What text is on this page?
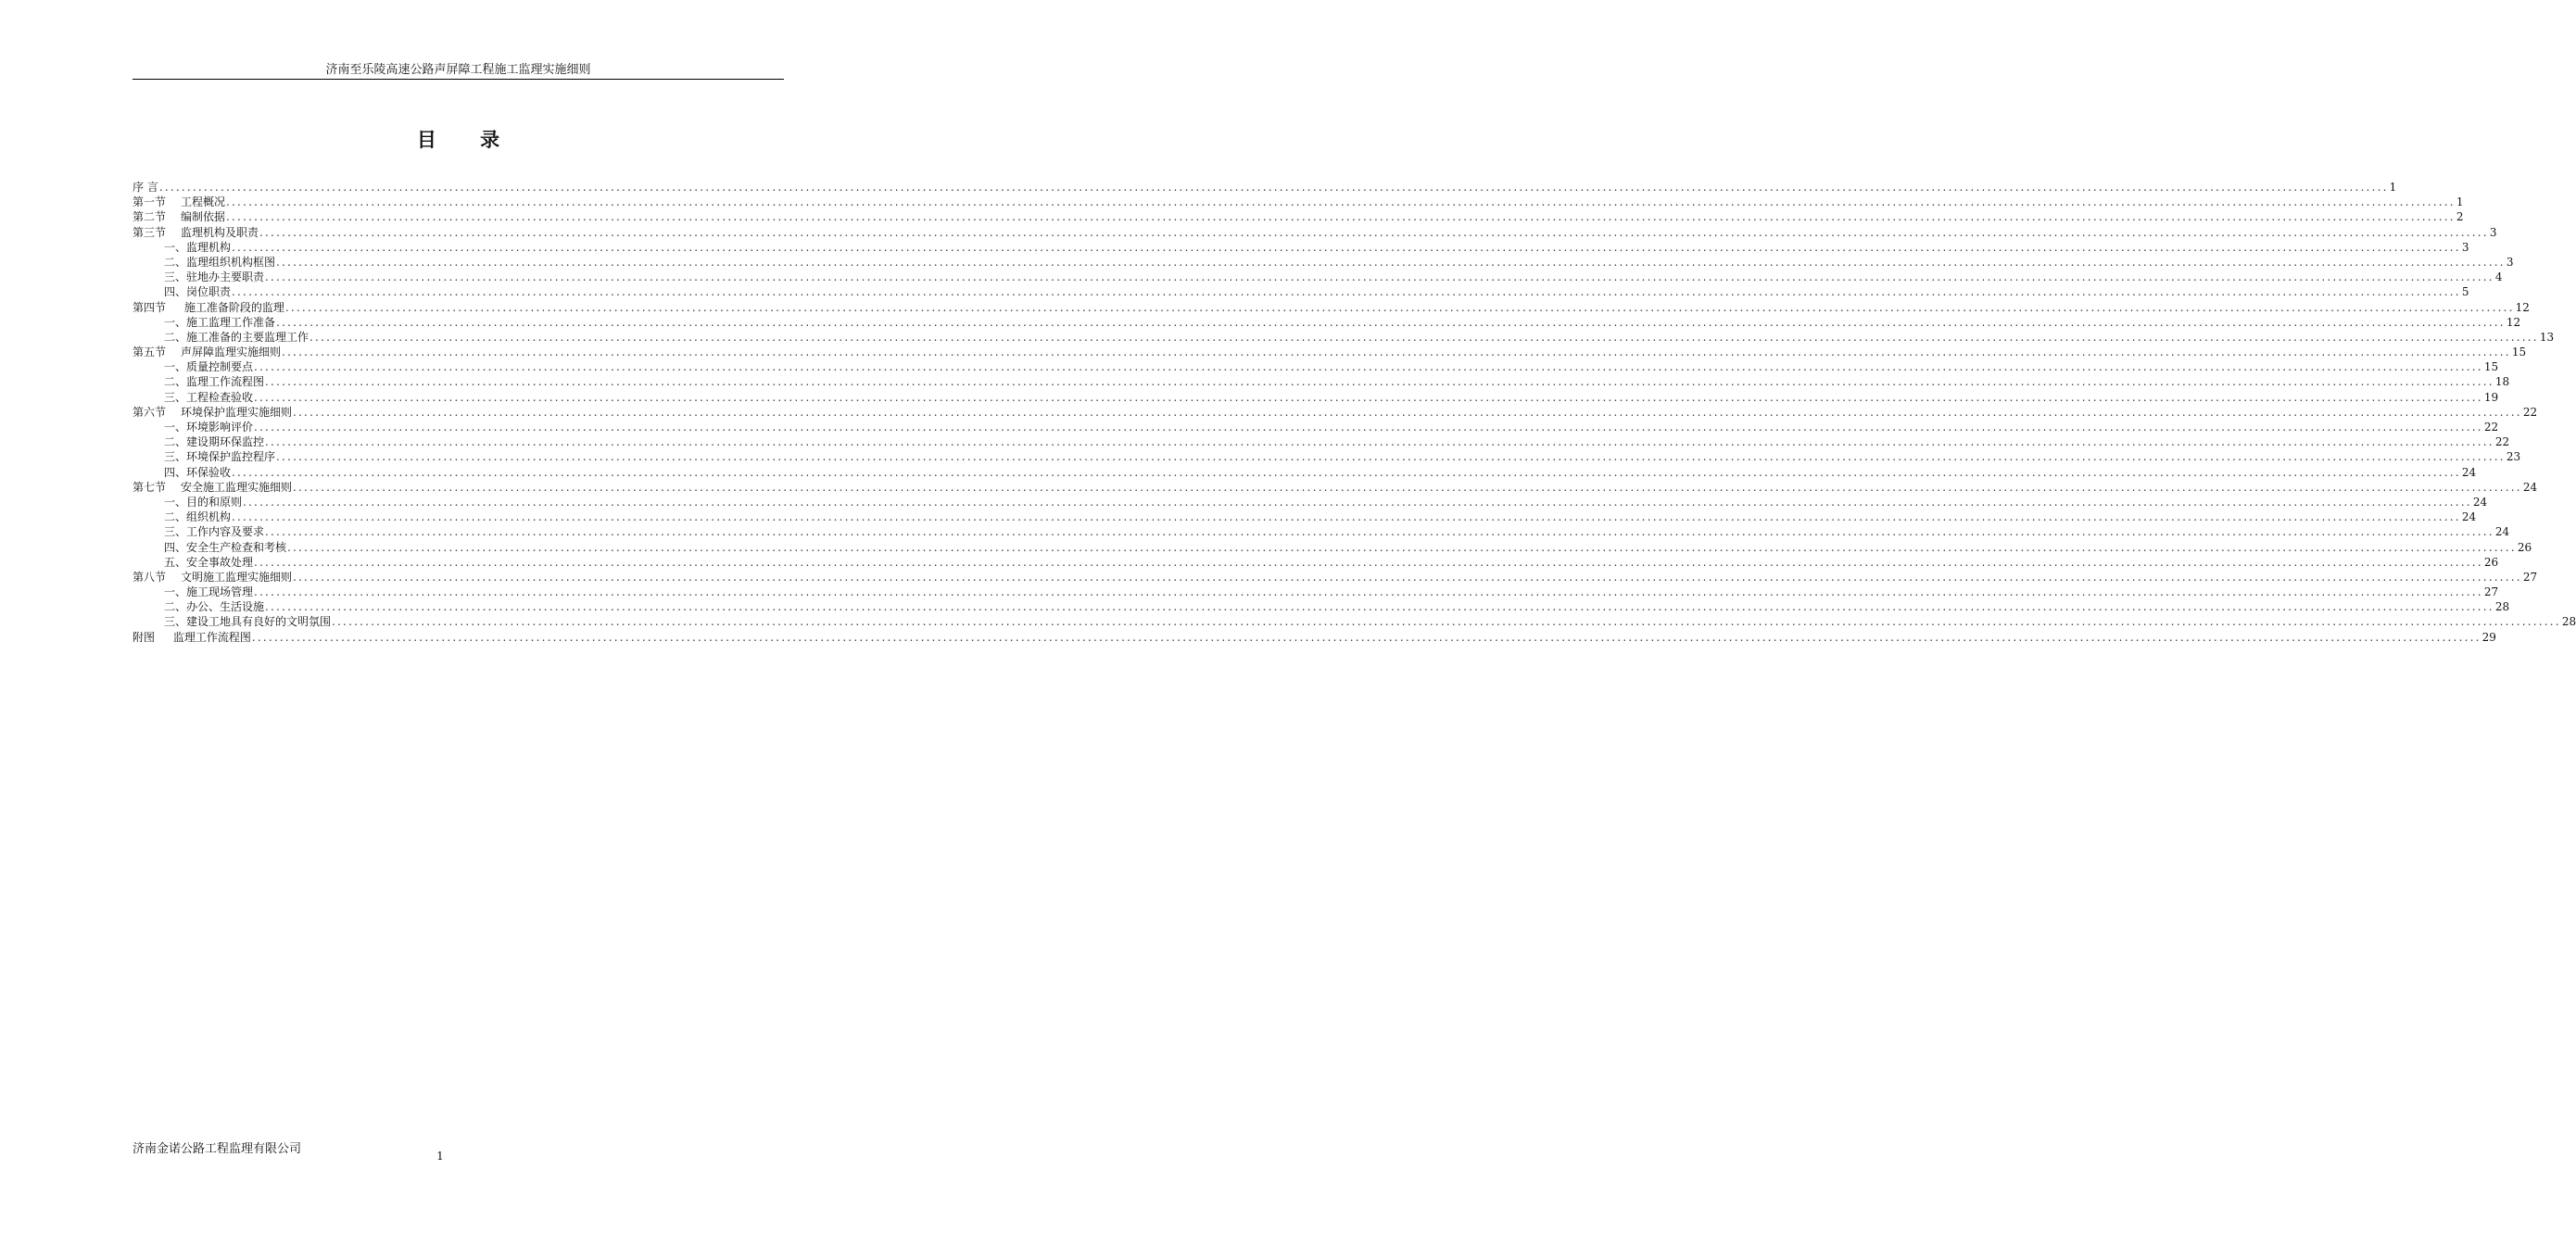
济南至乐陵高速公路声屏障工程施工监理实施细则
目 录
序 言 ................................................................................................................................................................................................................................................................................................................................................................................................................ 1
第一节 工程概况 ................................................................................................................................................................................................................................................................................................................................................................................................................ 1
第二节 编制依据 ................................................................................................................................................................................................................................................................................................................................................................................................................ 2
第三节 监理机构及职责 ................................................................................................................................................................................................................................................................................................................................................................................................................ 3
一、监理机构 ................................................................................................................................................................................................................................................................................................................................................................................................................ 3
二、监理组织机构框图 ................................................................................................................................................................................................................................................................................................................................................................................................................ 3
三、驻地办主要职责 ................................................................................................................................................................................................................................................................................................................................................................................................................ 4
四、岗位职责 ................................................................................................................................................................................................................................................................................................................................................................................................................ 5
第四节 施工准备阶段的监理 ................................................................................................................................................................................................................................................................................................................................................................................................................ 12
一、施工监理工作准备 ................................................................................................................................................................................................................................................................................................................................................................................................................ 12
二、施工准备的主要监理工作 ................................................................................................................................................................................................................................................................................................................................................................................................................ 13
第五节 声屏障监理实施细则 ................................................................................................................................................................................................................................................................................................................................................................................................................ 15
一、质量控制要点 ................................................................................................................................................................................................................................................................................................................................................................................................................ 15
二、监理工作流程图 ................................................................................................................................................................................................................................................................................................................................................................................................................ 18
三、工程检查验收 ................................................................................................................................................................................................................................................................................................................................................................................................................ 19
第六节 环境保护监理实施细则 ................................................................................................................................................................................................................................................................................................................................................................................................................ 22
一、环境影响评价 ................................................................................................................................................................................................................................................................................................................................................................................................................ 22
二、建设期环保监控 ................................................................................................................................................................................................................................................................................................................................................................................................................ 22
三、环境保护监控程序 ................................................................................................................................................................................................................................................................................................................................................................................................................ 23
四、环保验收 ................................................................................................................................................................................................................................................................................................................................................................................................................ 24
第七节 安全施工监理实施细则 ................................................................................................................................................................................................................................................................................................................................................................................................................ 24
一、目的和原则 ................................................................................................................................................................................................................................................................................................................................................................................................................ 24
二、组织机构 ................................................................................................................................................................................................................................................................................................................................................................................................................ 24
三、工作内容及要求 ................................................................................................................................................................................................................................................................................................................................................................................................................ 24
四、安全生产检查和考核 ................................................................................................................................................................................................................................................................................................................................................................................................................ 26
五、安全事故处理 ................................................................................................................................................................................................................................................................................................................................................................................................................ 26
第八节 文明施工监理实施细则 ................................................................................................................................................................................................................................................................................................................................................................................................................ 27
一、施工现场管理 ................................................................................................................................................................................................................................................................................................................................................................................................................ 27
二、办公、生活设施 ................................................................................................................................................................................................................................................................................................................................................................................................................ 28
三、建设工地具有良好的文明氛围 ................................................................................................................................................................................................................................................................................................................................................................................................................ 28
附图 监理工作流程图 ................................................................................................................................................................................................................................................................................................................................................................................................................ 29
济南金诺公路工程监理有限公司	1
